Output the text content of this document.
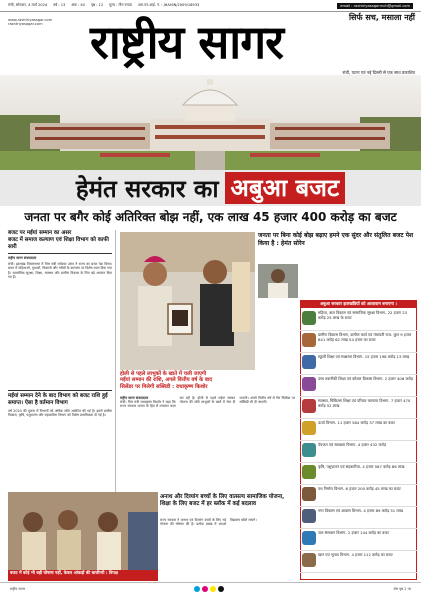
रांची, सोमवार, 4 मार्च 2024 वर्ष : 13 अंक : 40 पृष्ठ : 12 मूल्य : तीन रुपया आर.एन.आई. नं. : JHAHIN/2009/18933	email : rashtriyasagarrnch@gmail.com
www.rashtriyasagar.com
rashtriyasagar.com
सिर्फ सच, मसाला नहीं
राष्ट्रीय सागर
रांची, पटना एवं नई दिल्ली से एक साथ प्रकाशित
हेमंत सरकार का अबुआ बजट
जनता पर बगैर कोई अतिरिक्त बोझ नहीं, एक लाख 45 हजार 400 करोड़ का बजट
बजट पर मईयां सम्मान का असर
बजट में समाज कल्याण एवं शिक्षा विभाग को काफी सारी
राष्ट्रीय सागर संवाददाता
रांची। झारखंड विधानसभा में वित्त मंत्री रामेश्वर उरांव ने राज्य का बजट पेश किया। बजट में महिलाओं, युवाओं, किसानों और गरीबों के कल्याण पर विशेष ध्यान दिया गया है। सामाजिक सुरक्षा, शिक्षा, स्वास्थ्य और ग्रामीण विकास के लिए बड़े आवंटन किए गए हैं।
मईयां सम्मान देने के बाद विभाग को बजट राशि हुई समाप्त। ऐसा है वर्तमान विभाग
वर्ष 2024 की तुलना में विभागों को अधिक राशि आवंटित की गई है। इसमें ग्रामीण विकास, कृषि, पशुपालन और सहकारिता विभाग को विशेष प्राथमिकता दी गई है।
होली से पहले लाभुकों के खाते में चली जाएगी
मईयां सम्मान की राशि, अगले वित्तीय वर्ष के बाद
सिलेंडर पर मिलेगी सब्सिडी : राधाकृष्ण किशोर
राष्ट्रीय सागर संवाददाता
रांची। वित्त मंत्री राधाकृष्ण किशोर ने कहा कि राज्य सरकार जनता के हित में लगातार काम कर रही है। होली से पहले मईयां सम्मान योजना की राशि लाभुकों के खाते में भेज दी जाएगी। अगले वित्तीय वर्ष से गैस सिलेंडर पर सब्सिडी भी दी जाएगी।
जनता पर बिना कोई बोझ बढ़ाए हमने एक सुंदर और संतुलित बजट पेश किया है : हेमंत सोरेन
अबुआ सरकार झारखंडियों को आशावान बनाएगा ।
महिला, बाल विकास एवं सामाजिक सुरक्षा विभाग- 22 हजार 23 करोड़ 25 लाख के बजट
ग्रामीण विकास विभाग, ग्रामीण कार्य एवं पंचायती राज- कुल 9 हजार 841 करोड़ 62 लाख 54 हजार का बजट
स्कूली शिक्षा एवं साक्षरता विभाग- 15 हजार 198 करोड़ 13 लाख
उच्च तकनीकी शिक्षा एवं कौशल विकास विभाग- 2 हजार 406 करोड़
स्वास्थ्य, चिकित्सा शिक्षा एवं परिवार कल्याण विभाग- 7 हजार 470 करोड़ 52 लाख
ऊर्जा विभाग- 11 हजार 584 करोड़ 37 लाख का बजट
पेयजल एवं स्वच्छता विभाग- 4 हजार 432 करोड़
कृषि, पशुपालन एवं सहकारिता- 4 हजार 587 करोड़ 66 लाख
पथ निर्माण विभाग- 6 हजार 200 करोड़ 45 लाख का बजट
नगर विकास एवं आवास विभाग- 4 हजार 89 करोड़ 51 लाख
जल संसाधन विभाग- 2 हजार 144 करोड़ का बजट
खान एवं भूतत्व विभाग- 4 हजार 112 करोड़ का बजट
बजट में कोई भी बड़ी घोषणा नहीं, केवल आंकड़ों की बाजीगरी : विपक्ष
अनाथ और दिव्यांग बच्चों के लिए वात्सल्य सामाजिक योजना, शिक्षा के लिए बजट में हर ब्लॉक में कई बदलाव
राज्य सरकार ने अनाथ एवं दिव्यांग बच्चों के लिए नई योजना की घोषणा की है। प्रत्येक प्रखंड में आदर्श विद्यालय खोले जाएंगे।
राष्ट्रीय सागर	शेष पृष्ठ 2 पर
